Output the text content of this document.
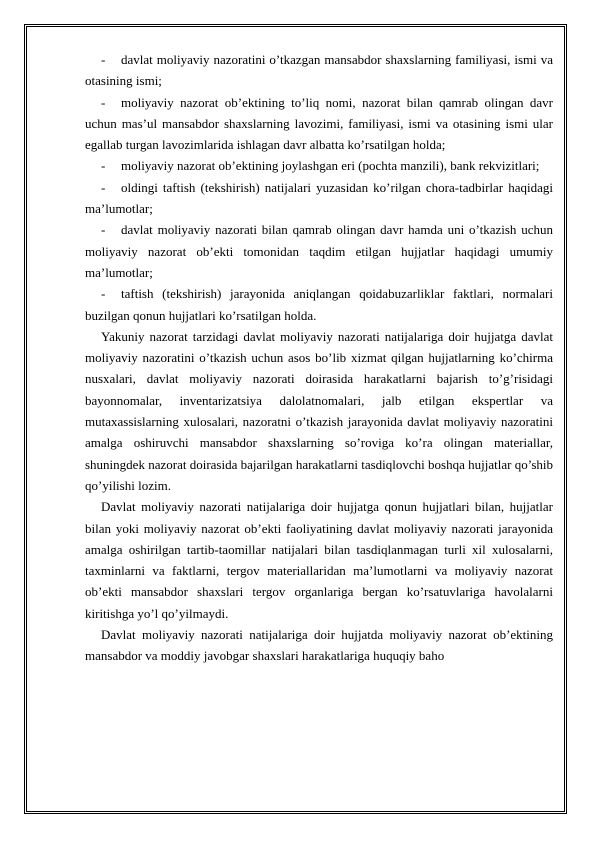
- davlat moliyaviy nazoratini o’tkazgan mansabdor shaxslarning familiyasi, ismi va otasining ismi;

- moliyaviy nazorat ob’ektining to’liq nomi, nazorat bilan qamrab olingan davr uchun mas’ul mansabdor shaxslarning lavozimi, familiyasi, ismi va otasining ismi ular egallab turgan lavozimlarida ishlagan davr albatta ko’rsatilgan holda;

- moliyaviy nazorat ob’ektining joylashgan eri (pochta manzili), bank rekvizitlari;

- oldingi taftish (tekshirish) natijalari yuzasidan ko’rilgan chora-tadbirlar haqidagi ma’lumotlar;

- davlat moliyaviy nazorati bilan qamrab olingan davr hamda uni o’tkazish uchun moliyaviy nazorat ob’ekti tomonidan taqdim etilgan hujjatlar haqidagi umumiy ma’lumotlar;

- taftish (tekshirish) jarayonida aniqlangan qoidabuzarliklar faktlari, normalari buzilgan qonun hujjatlari ko’rsatilgan holda.

Yakuniy nazorat tarzidagi davlat moliyaviy nazorati natijalariga doir hujjatga davlat moliyaviy nazoratini o’tkazish uchun asos bo’lib xizmat qilgan hujjatlarning ko’chirma nusxalari, davlat moliyaviy nazorati doirasida harakatlarni bajarish to’g’risidagi bayonnomalar, inventarizatsiya dalolatnomalari, jalb etilgan ekspertlar va mutaxassislarning xulosalari, nazoratni o’tkazish jarayonida davlat moliyaviy nazoratini amalga oshiruvchi mansabdor shaxslarning so’roviga ko’ra olingan materiallar, shuningdek nazorat doirasida bajarilgan harakatlarni tasdiqlovchi boshqa hujjatlar qo’shib qo’yilishi lozim.

Davlat moliyaviy nazorati natijalariga doir hujjatga qonun hujjatlari bilan, hujjatlar bilan yoki moliyaviy nazorat ob’ekti faoliyatining davlat moliyaviy nazorati jarayonida amalga oshirilgan tartib-taomillar natijalari bilan tasdiqlanmagan turli xil xulosalarni, taxminlarni va faktlarni, tergov materiallaridan ma’lumotlarni va moliyaviy nazorat ob’ekti mansabdor shaxslari tergov organlariga bergan ko’rsatuvlariga havolalarni kiritishga yo’l qo’yilmaydi.

Davlat moliyaviy nazorati natijalariga doir hujjatda moliyaviy nazorat ob’ektining mansabdor va moddiy javobgar shaxslari harakatlariga huquqiy baho
